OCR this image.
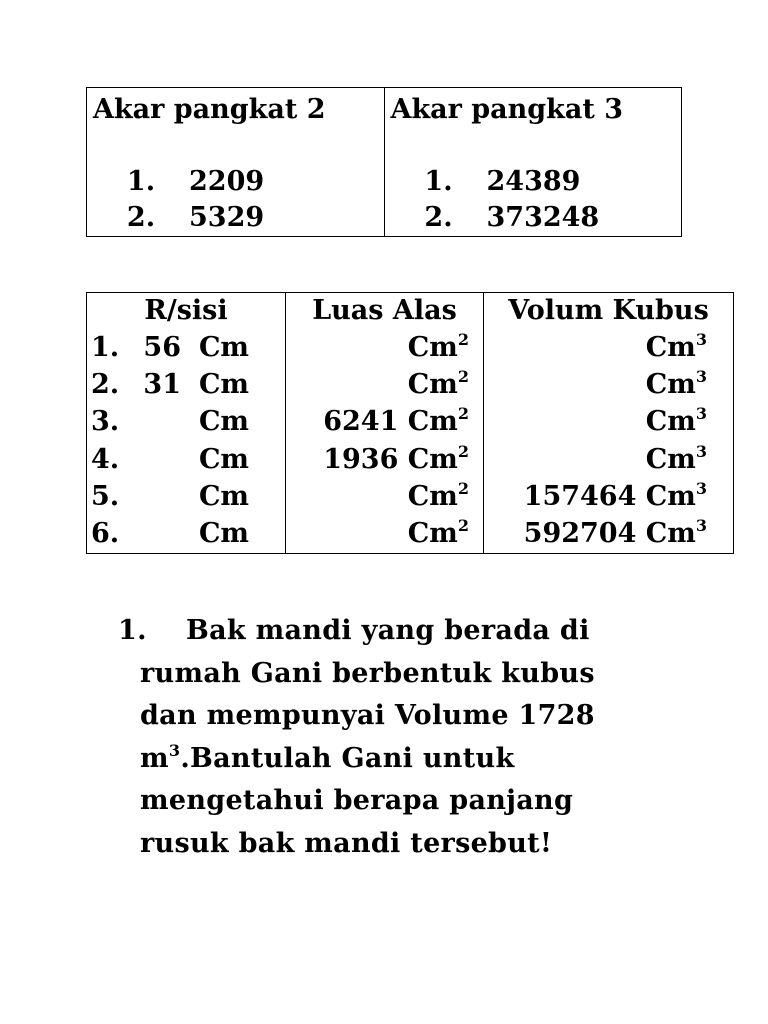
Akar pangkat 2
1.	2209
2.	5329

Akar pangkat 3
1.	24389
2.	373248
R/sisi	Luas Alas	Volum Kubus
1. 56 Cm	Cm$^2$	Cm$^3$
2. 31 Cm	Cm$^2$	Cm$^3$
3. Cm	6241 Cm$^2$	Cm$^3$
4. Cm	1936 Cm$^2$	Cm$^3$
5. Cm	Cm$^2$	157464 Cm$^3$
6. Cm	Cm$^2$	592704 Cm$^3$
1. Bak mandi yang berada di
rumah Gani berbentuk kubus
dan mempunyai Volume 1728
$m^3.Bantulah$ Gani untuk
mengetahui berapa panjang
rusuk bak mandi tersebut!
